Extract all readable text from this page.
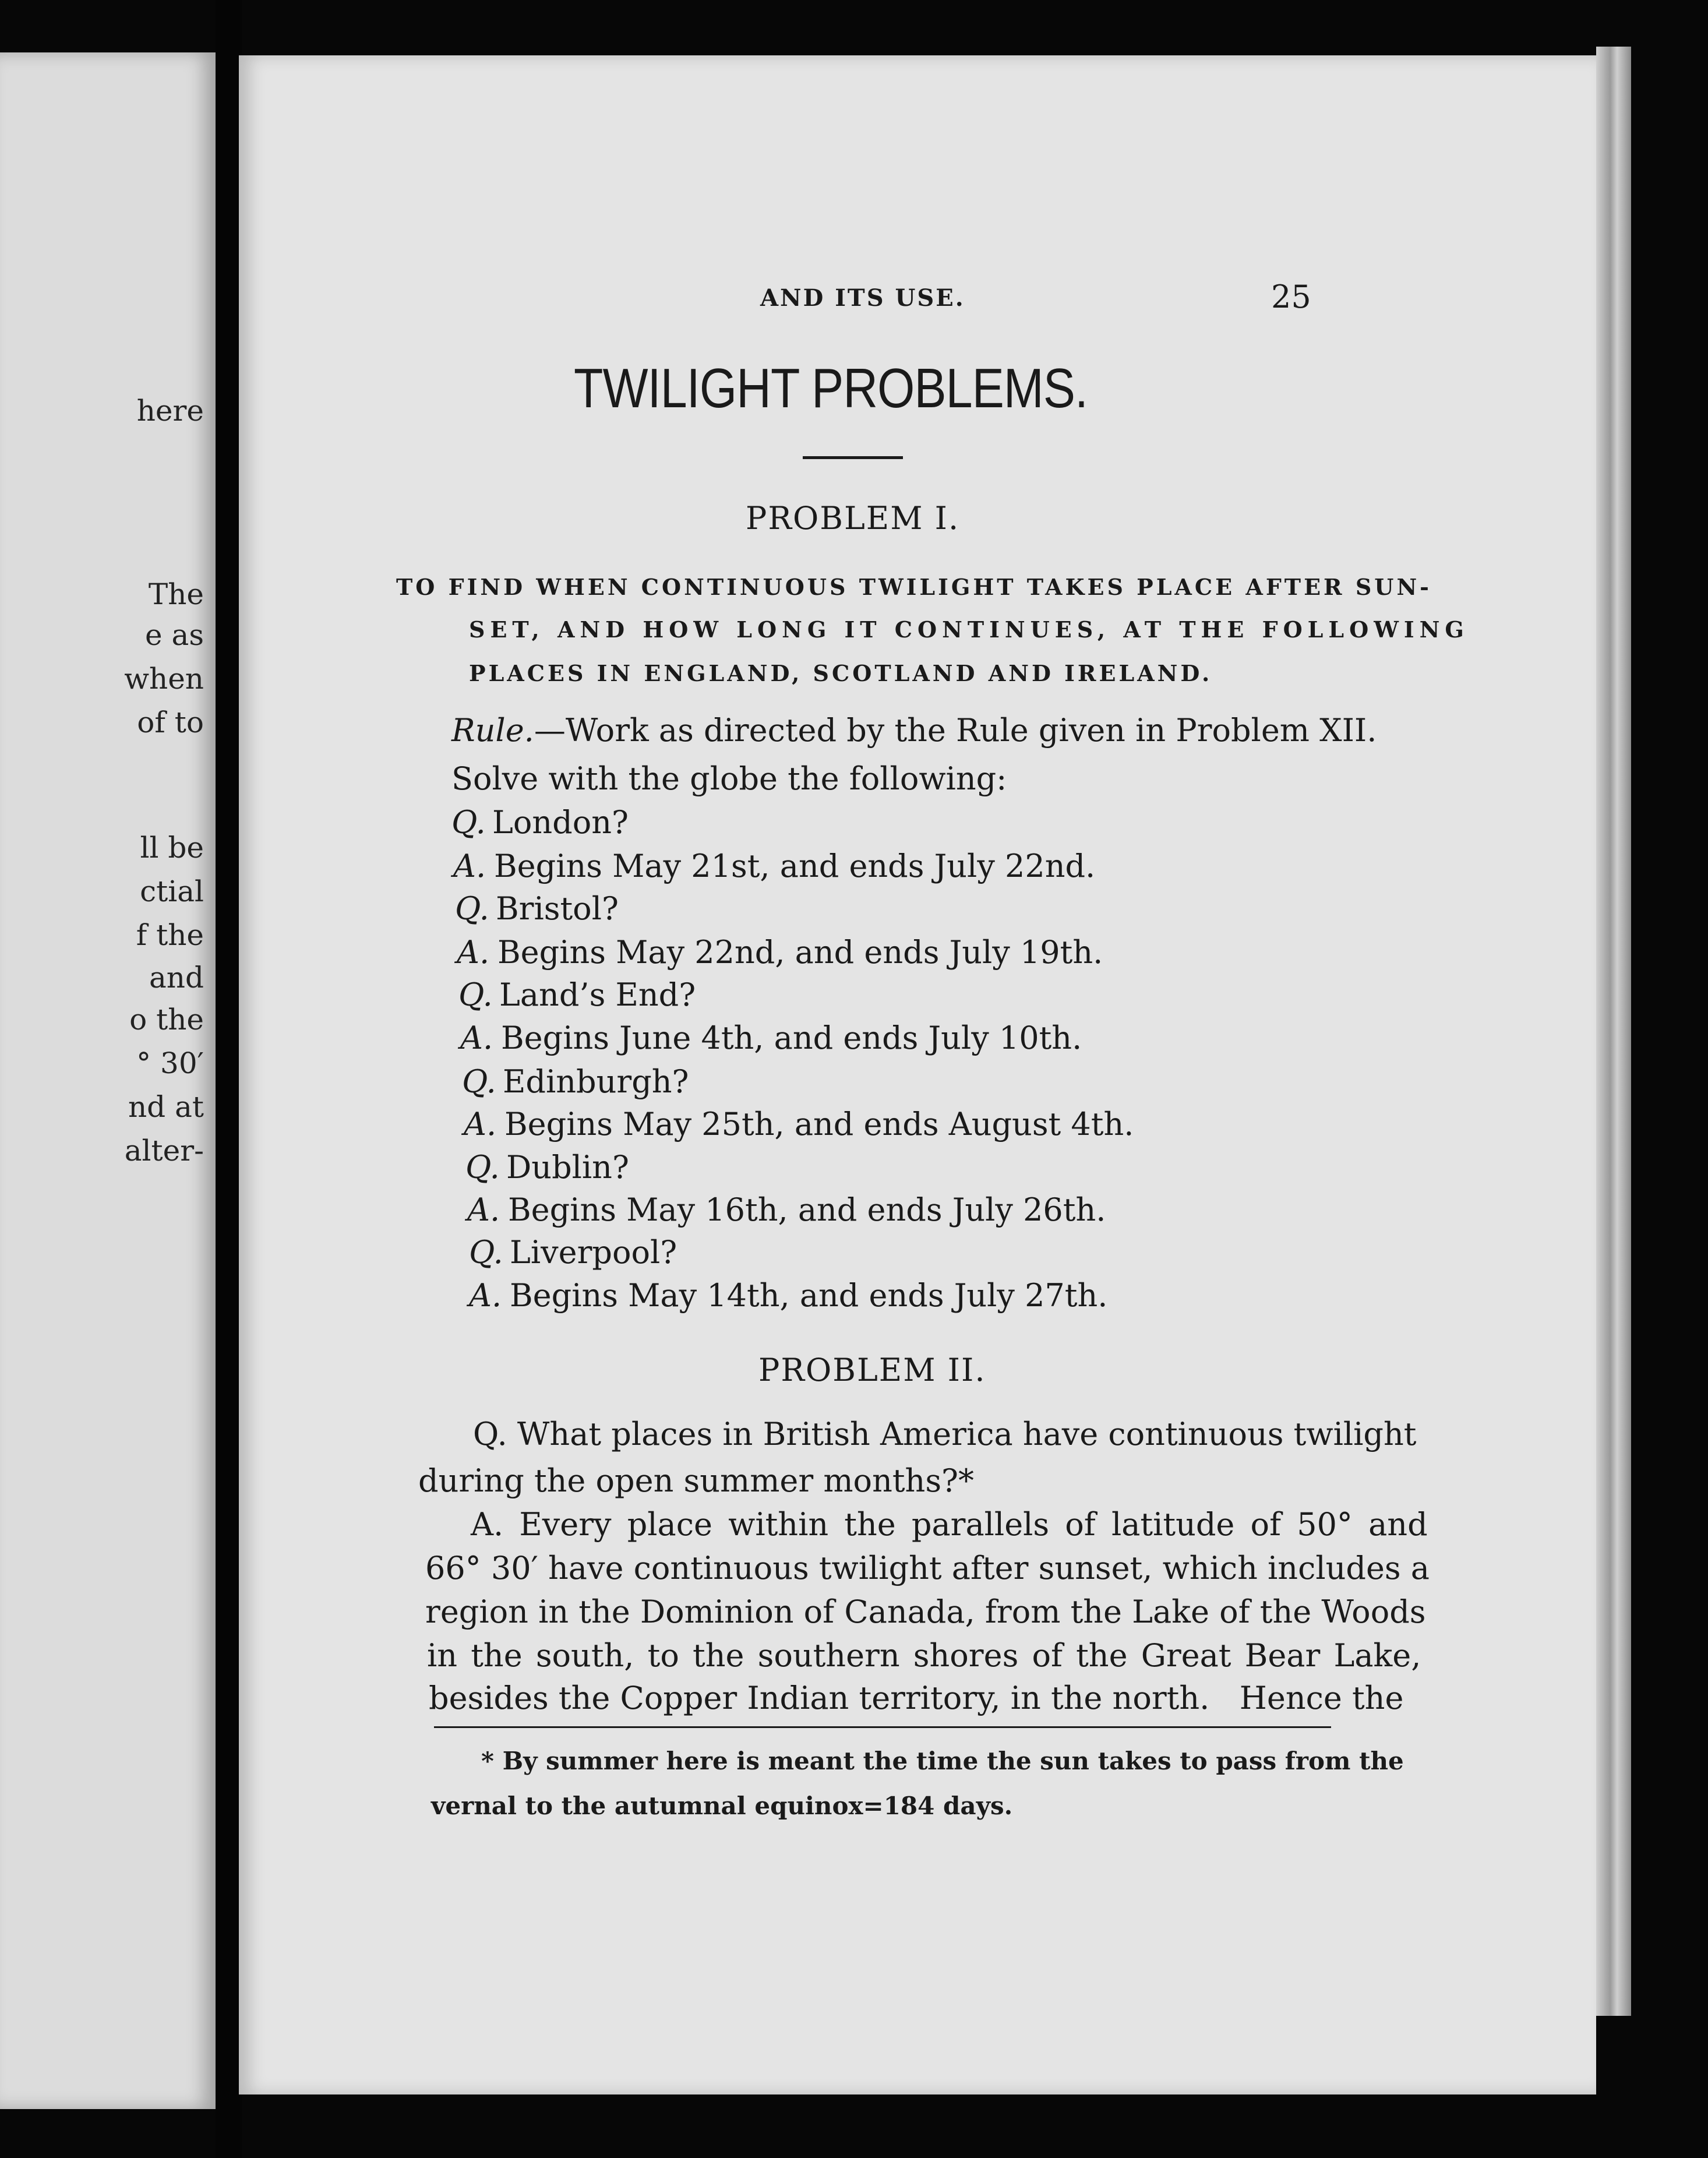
here
The
e as
when
of to
ll be
ctial
f the
and
o the
° 30′
nd at
alter-
AND ITS USE.	25
TWILIGHT PROBLEMS.
PROBLEM I.
TO FIND WHEN CONTINUOUS TWILIGHT TAKES PLACE AFTER SUN-
SET, AND HOW LONG IT CONTINUES, AT THE FOLLOWING
PLACES IN ENGLAND, SCOTLAND AND IRELAND.
Rule.—Work as directed by the Rule given in Problem XII.
Solve with the globe the following:
Q. London?
A. Begins May 21st, and ends July 22nd.
Q. Bristol?
A. Begins May 22nd, and ends July 19th.
Q. Land’s End?
A. Begins June 4th, and ends July 10th.
Q. Edinburgh?
A. Begins May 25th, and ends August 4th.
Q. Dublin?
A. Begins May 16th, and ends July 26th.
Q. Liverpool?
A. Begins May 14th, and ends July 27th.
PROBLEM II.
Q. What places in British America have continuous twilight
during the open summer months?*
A. Every place within the parallels of latitude of 50° and
66° 30′ have continuous twilight after sunset, which includes a
region in the Dominion of Canada, from the Lake of the Woods
in the south, to the southern shores of the Great Bear Lake,
besides the Copper Indian territory, in the north.   Hence the
* By summer here is meant the time the sun takes to pass from the
vernal to the autumnal equinox=184 days.
